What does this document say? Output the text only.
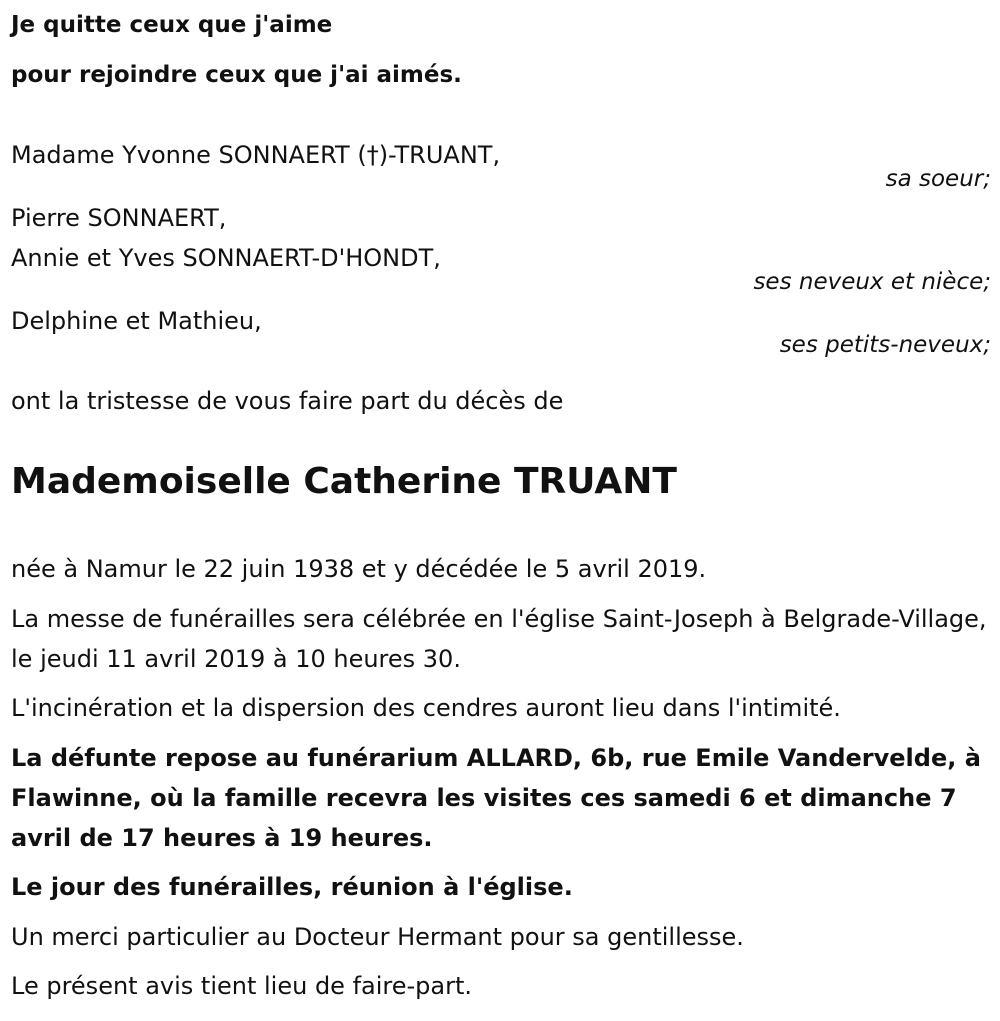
Je quitte ceux que j'aime
pour rejoindre ceux que j'ai aimés.
Madame Yvonne SONNAERT (†)-TRUANT,
sa soeur;
Pierre SONNAERT,
Annie et Yves SONNAERT-D'HONDT,
ses neveux et nièce;
Delphine et Mathieu,
ses petits-neveux;
ont la tristesse de vous faire part du décès de
Mademoiselle Catherine TRUANT
née à Namur le 22 juin 1938 et y décédée le 5 avril 2019.
La messe de funérailles sera célébrée en l'église Saint-Joseph à Belgrade-Village, le jeudi 11 avril 2019 à 10 heures 30.
L'incinération et la dispersion des cendres auront lieu dans l'intimité.
La défunte repose au funérarium ALLARD, 6b, rue Emile Vandervelde, à Flawinne, où la famille recevra les visites ces samedi 6 et dimanche 7 avril de 17 heures à 19 heures.
Le jour des funérailles, réunion à l'église.
Un merci particulier au Docteur Hermant pour sa gentillesse.
Le présent avis tient lieu de faire-part.
